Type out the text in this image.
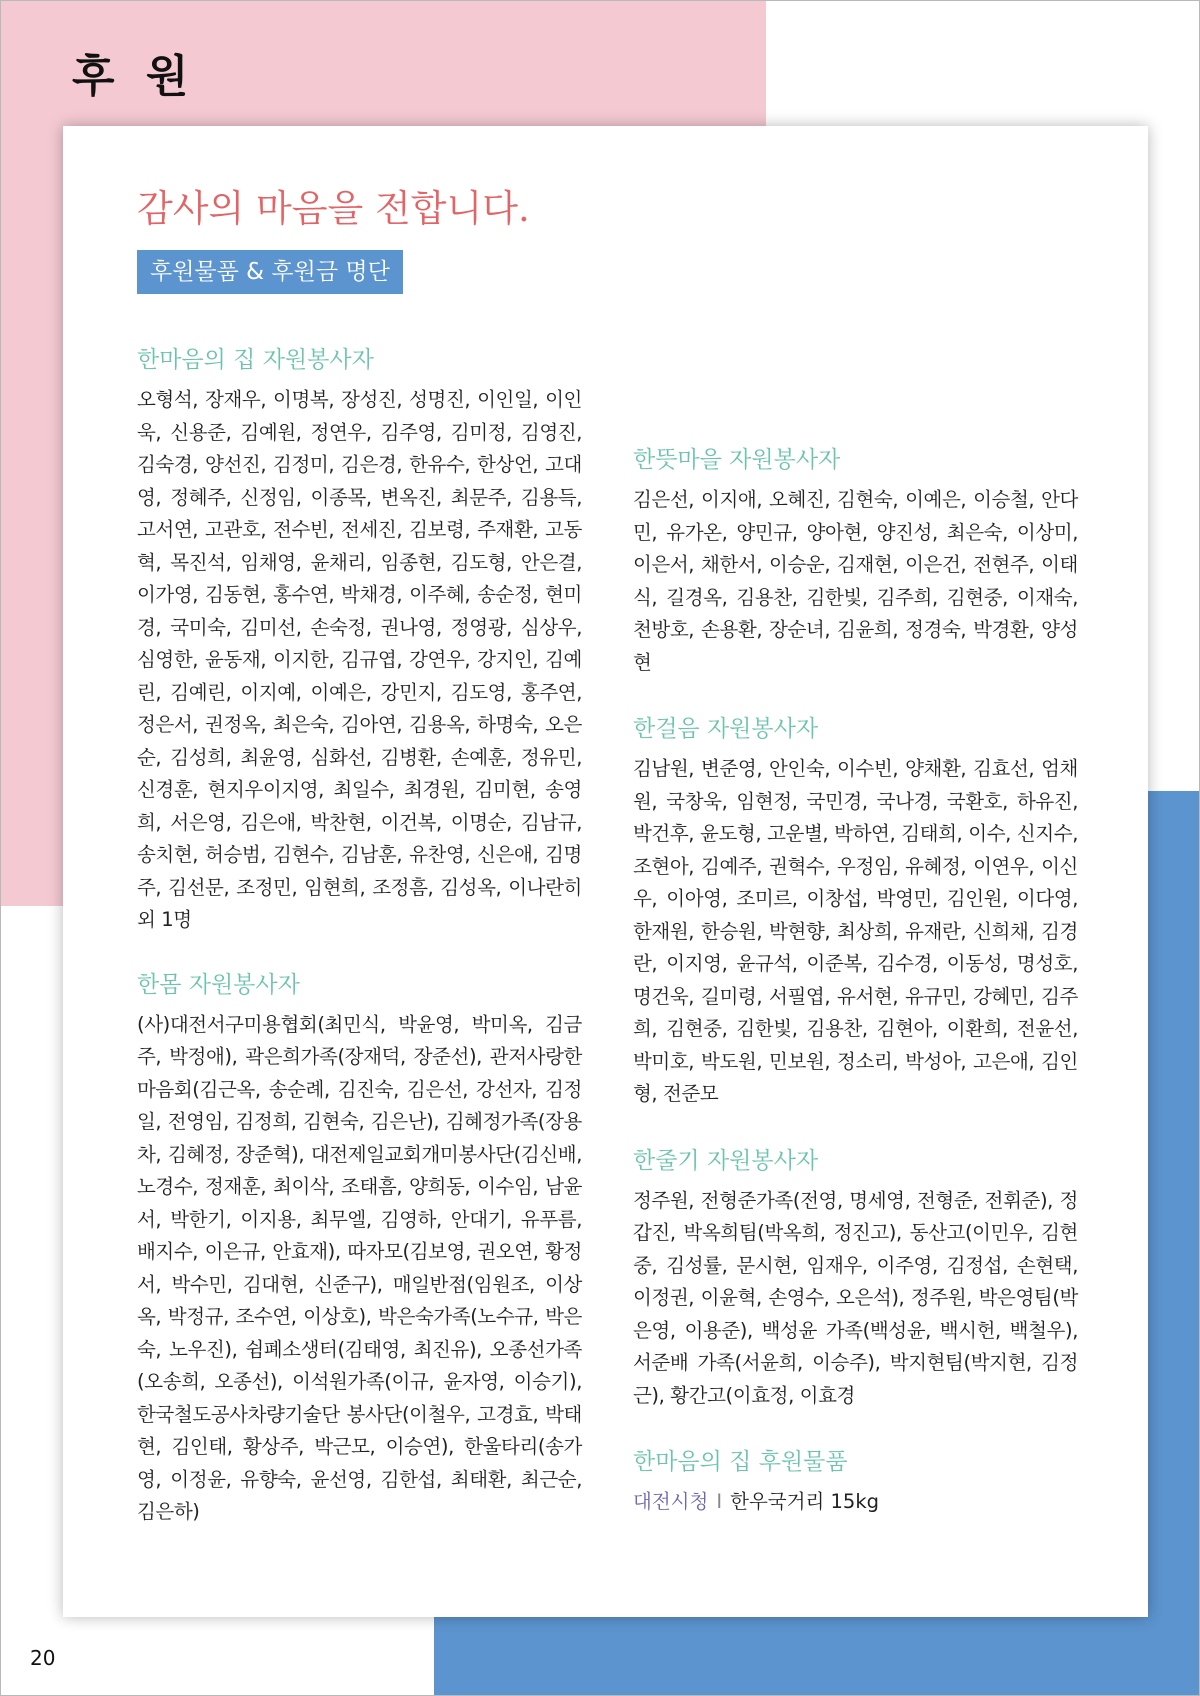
후 원
감사의 마음을 전합니다.
후원물품 & 후원금 명단
한마음의 집 자원봉사자

오형석, 장재우, 이명복, 장성진, 성명진, 이인일, 이인욱, 신용준, 김예원, 정연우, 김주영, 김미정, 김영진, 김숙경, 양선진, 김정미, 김은경, 한유수, 한상언, 고대영, 정혜주, 신정임, 이종목, 변옥진, 최문주, 김용득, 고서연, 고관호, 전수빈, 전세진, 김보령, 주재환, 고동혁, 목진석, 임채영, 윤채리, 임종현, 김도형, 안은결, 이가영, 김동현, 홍수연, 박채경, 이주혜, 송순정, 현미경, 국미숙, 김미선, 손숙정, 권나영, 정영광, 심상우, 심영한, 윤동재, 이지한, 김규엽, 강연우, 강지인, 김예린, 김예린, 이지예, 이예은, 강민지, 김도영, 홍주연, 정은서, 권정옥, 최은숙, 김아연, 김용옥, 하명숙, 오은순, 김성희, 최윤영, 심화선, 김병환, 손예훈, 정유민, 신경훈, 현지우이지영, 최일수, 최경원, 김미현, 송영희, 서은영, 김은애, 박찬현, 이건복, 이명순, 김남규, 송치현, 허승범, 김현수, 김남훈, 유찬영, 신은애, 김명주, 김선문, 조정민, 임현희, 조정흠, 김성옥, 이나란히외 1명

한몸 자원봉사자

(사)대전서구미용협회(최민식, 박윤영, 박미옥, 김금주, 박정애), 곽은희가족(장재덕, 장준선), 관저사랑한마음회(김근옥, 송순례, 김진숙, 김은선, 강선자, 김정일, 전영임, 김정희, 김현숙, 김은난), 김혜정가족(장용차, 김혜정, 장준혁), 대전제일교회개미봉사단(김신배, 노경수, 정재훈, 최이삭, 조태흠, 양희동, 이수임, 남윤서, 박한기, 이지용, 최무엘, 김영하, 안대기, 유푸름, 배지수, 이은규, 안효재), 따자모(김보영, 권오연, 황정서, 박수민, 김대현, 신준구), 매일반점(임원조, 이상옥, 박정규, 조수연, 이상호), 박은숙가족(노수규, 박은숙, 노우진), 쉼폐소생터(김태영, 최진유), 오종선가족(오송희, 오종선), 이석원가족(이규, 윤자영, 이승기), 한국철도공사차량기술단 봉사단(이철우, 고경효, 박태현, 김인태, 황상주, 박근모, 이승연), 한울타리(송가영, 이정윤, 유향숙, 윤선영, 김한섭, 최태환, 최근순, 김은하)

한뜻마을 자원봉사자

김은선, 이지애, 오혜진, 김현숙, 이예은, 이승철, 안다민, 유가온, 양민규, 양아현, 양진성, 최은숙, 이상미, 이은서, 채한서, 이승운, 김재현, 이은건, 전현주, 이태식, 길경옥, 김용찬, 김한빛, 김주희, 김현중, 이재숙, 천방호, 손용환, 장순녀, 김윤희, 정경숙, 박경환, 양성현

한걸음 자원봉사자

김남원, 변준영, 안인숙, 이수빈, 양채환, 김효선, 엄채원, 국창욱, 임현정, 국민경, 국나경, 국환호, 하유진, 박건후, 윤도형, 고운별, 박하연, 김태희, 이수, 신지수, 조현아, 김예주, 권혁수, 우정임, 유혜정, 이연우, 이신우, 이아영, 조미르, 이창섭, 박영민, 김인원, 이다영, 한재원, 한승원, 박현향, 최상희, 유재란, 신희채, 김경란, 이지영, 윤규석, 이준복, 김수경, 이동성, 명성호, 명건욱, 길미령, 서필엽, 유서현, 유규민, 강혜민, 김주희, 김현중, 김한빛, 김용찬, 김현아, 이환희, 전윤선, 박미호, 박도원, 민보원, 정소리, 박성아, 고은애, 김인형, 전준모

한줄기 자원봉사자

정주원, 전형준가족(전영, 명세영, 전형준, 전휘준), 정갑진, 박옥희팀(박옥희, 정진고), 동산고(이민우, 김현중, 김성률, 문시현, 임재우, 이주영, 김정섭, 손현택, 이정권, 이윤혁, 손영수, 오은석), 정주원, 박은영팀(박은영, 이용준), 백성윤 가족(백성윤, 백시헌, 백철우), 서준배 가족(서윤희, 이승주), 박지현팀(박지현, 김정근), 황간고(이효정, 이효경

한마음의 집 후원물품

대전시청 I 한우국거리 15kg

20
